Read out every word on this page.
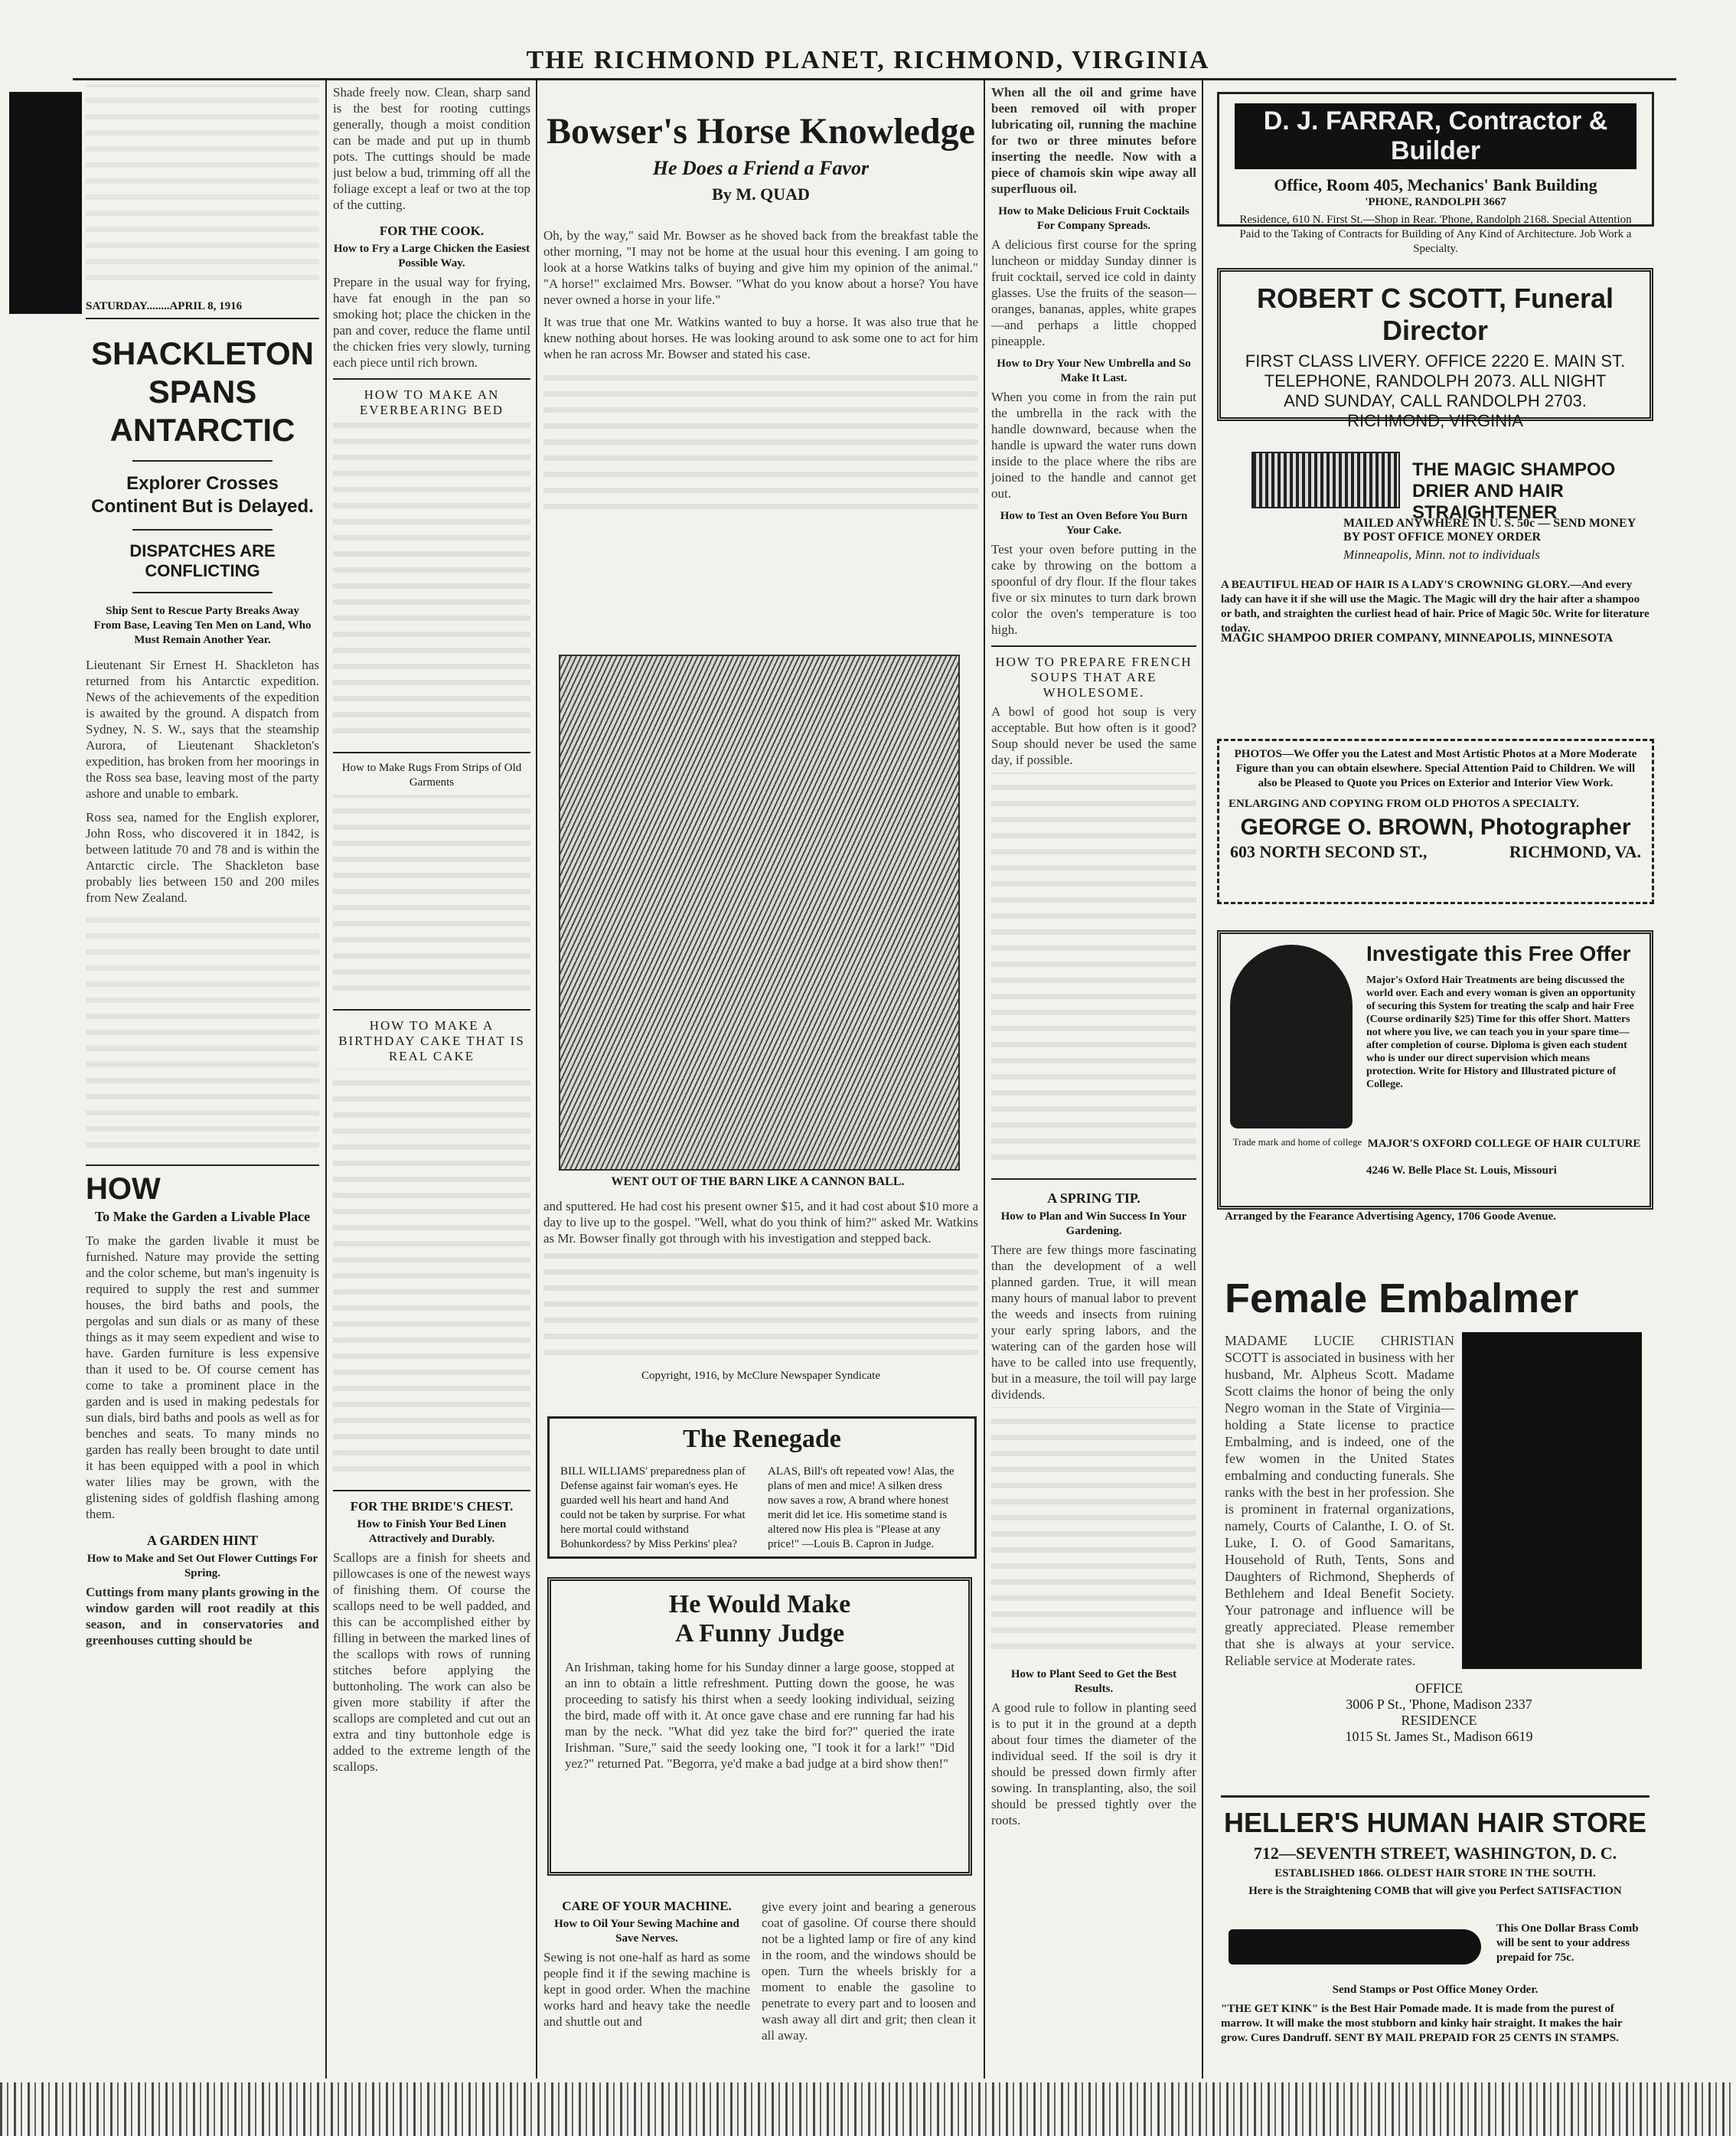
THE RICHMOND PLANET, RICHMOND, VIRGINIA
SATURDAY........APRIL 8, 1916
SHACKLETON SPANS ANTARCTIC
Explorer Crosses Continent But is Delayed.
DISPATCHES ARE CONFLICTING
Ship Sent to Rescue Party Breaks Away From Base, Leaving Ten Men on Land, Who Must Remain Another Year.
Lieutenant Sir Ernest H. Shackleton has returned from his Antarctic expedition. News of the achievements of the expedition is awaited by the ground. A dispatch from Sydney, N. S. W., says that the steamship Aurora, of Lieutenant Shackleton's expedition, has broken from her moorings in the Ross sea base, leaving most of the party ashore and unable to embark.
Ross sea, named for the English explorer, John Ross, who discovered it in 1842, is between latitude 70 and 78 and is within the Antarctic circle. The Shackleton base probably lies between 150 and 200 miles from New Zealand.
HOW
To Make the Garden a Livable Place
To make the garden livable it must be furnished. Nature may provide the setting and the color scheme, but man's ingenuity is required to supply the rest and summer houses, the bird baths and pools, the pergolas and sun dials or as many of these things as it may seem expedient and wise to have. Garden furniture is less expensive than it used to be. Of course cement has come to take a prominent place in the garden and is used in making pedestals for sun dials, bird baths and pools as well as for benches and seats. To many minds no garden has really been brought to date until it has been equipped with a pool in which water lilies may be grown, with the glistening sides of goldfish flashing among them.
A GARDEN HINT
How to Make and Set Out Flower Cuttings For Spring.
Cuttings from many plants growing in the window garden will root readily at this season, and in conservatories and greenhouses cutting should be
Shade freely now. Clean, sharp sand is the best for rooting cuttings generally, though a moist condition can be made and put up in thumb pots. The cuttings should be made just below a bud, trimming off all the foliage except a leaf or two at the top of the cutting.
FOR THE COOK.
How to Fry a Large Chicken the Easiest Possible Way.
Prepare in the usual way for frying, have fat enough in the pan so smoking hot; place the chicken in the pan and cover, reduce the flame until the chicken fries very slowly, turning each piece until rich brown.
HOW TO MAKE AN EVERBEARING BED
How to Make Rugs From Strips of Old Garments
HOW TO MAKE A BIRTHDAY CAKE THAT IS REAL CAKE
FOR THE BRIDE'S CHEST.
How to Finish Your Bed Linen Attractively and Durably.
Scallops are a finish for sheets and pillowcases is one of the newest ways of finishing them. Of course the scallops need to be well padded, and this can be accomplished either by filling in between the marked lines of the scallops with rows of running stitches before applying the buttonholing. The work can also be given more stability if after the scallops are completed and cut out an extra and tiny buttonhole edge is added to the extreme length of the scallops.
Bowser's Horse Knowledge
He Does a Friend a Favor
By M. QUAD
Oh, by the way," said Mr. Bowser as he shoved back from the breakfast table the other morning, "I may not be home at the usual hour this evening. I am going to look at a horse Watkins talks of buying and give him my opinion of the animal." "A horse!" exclaimed Mrs. Bowser. "What do you know about a horse? You have never owned a horse in your life."
It was true that one Mr. Watkins wanted to buy a horse. It was also true that he knew nothing about horses. He was looking around to ask some one to act for him when he ran across Mr. Bowser and stated his case.
WENT OUT OF THE BARN LIKE A CANNON BALL.
and sputtered. He had cost his present owner $15, and it had cost about $10 more a day to live up to the gospel. "Well, what do you think of him?" asked Mr. Watkins as Mr. Bowser finally got through with his investigation and stepped back.
Copyright, 1916, by McClure Newspaper Syndicate
The Renegade
BILL WILLIAMS' preparedness plan of Defense against fair woman's eyes. He guarded well his heart and hand And could not be taken by surprise. For what here mortal could withstand Bohunkordess? by Miss Perkins' plea?
ALAS, Bill's oft repeated vow! Alas, the plans of men and mice! A silken dress now saves a row, A brand where honest merit did let ice. His sometime stand is altered now His plea is "Please at any price!" —Louis B. Capron in Judge.
He Would Make
A Funny Judge
An Irishman, taking home for his Sunday dinner a large goose, stopped at an inn to obtain a little refreshment. Putting down the goose, he was proceeding to satisfy his thirst when a seedy looking individual, seizing the bird, made off with it. At once gave chase and ere running far had his man by the neck. "What did yez take the bird for?" queried the irate Irishman. "Sure," said the seedy looking one, "I took it for a lark!" "Did yez?" returned Pat. "Begorra, ye'd make a bad judge at a bird show then!"
CARE OF YOUR MACHINE.
How to Oil Your Sewing Machine and Save Nerves.
Sewing is not one-half as hard as some people find it if the sewing machine is kept in good order. When the machine works hard and heavy take the needle and shuttle out and
give every joint and bearing a generous coat of gasoline. Of course there should not be a lighted lamp or fire of any kind in the room, and the windows should be open. Turn the wheels briskly for a moment to enable the gasoline to penetrate to every part and to loosen and wash away all dirt and grit; then clean it all away.
When all the oil and grime have been removed oil with proper lubricating oil, running the machine for two or three minutes before inserting the needle. Now with a piece of chamois skin wipe away all superfluous oil.
How to Make Delicious Fruit Cocktails For Company Spreads.
A delicious first course for the spring luncheon or midday Sunday dinner is fruit cocktail, served ice cold in dainty glasses. Use the fruits of the season—oranges, bananas, apples, white grapes—and perhaps a little chopped pineapple.
How to Dry Your New Umbrella and So Make It Last.
When you come in from the rain put the umbrella in the rack with the handle downward, because when the handle is upward the water runs down inside to the place where the ribs are joined to the handle and cannot get out.
How to Test an Oven Before You Burn Your Cake.
Test your oven before putting in the cake by throwing on the bottom a spoonful of dry flour. If the flour takes five or six minutes to turn dark brown color the oven's temperature is too high.
HOW TO PREPARE FRENCH SOUPS THAT ARE WHOLESOME.
A bowl of good hot soup is very acceptable. But how often is it good? Soup should never be used the same day, if possible.
A SPRING TIP.
How to Plan and Win Success In Your Gardening.
There are few things more fascinating than the development of a well planned garden. True, it will mean many hours of manual labor to prevent the weeds and insects from ruining your early spring labors, and the watering can of the garden hose will have to be called into use frequently, but in a measure, the toil will pay large dividends.
How to Plant Seed to Get the Best Results.
A good rule to follow in planting seed is to put it in the ground at a depth about four times the diameter of the individual seed. If the soil is dry it should be pressed down firmly after sowing. In transplanting, also, the soil should be pressed tightly over the roots.
D. J. FARRAR, Contractor & Builder
Office, Room 405, Mechanics' Bank Building
'PHONE, RANDOLPH 3667
Residence, 610 N. First St.—Shop in Rear. 'Phone, Randolph 2168. Special Attention Paid to the Taking of Contracts for Building of Any Kind of Architecture. Job Work a Specialty.
ROBERT C SCOTT, Funeral Director
FIRST CLASS LIVERY. OFFICE 2220 E. MAIN ST.
TELEPHONE, RANDOLPH 2073. ALL NIGHT
AND SUNDAY, CALL RANDOLPH 2703.
RICHMOND, VIRGINIA
THE MAGIC SHAMPOO DRIER AND HAIR STRAIGHTENER
MAILED ANYWHERE IN U. S. 50c — SEND MONEY BY POST OFFICE MONEY ORDER
Minneapolis, Minn. not to individuals
A BEAUTIFUL HEAD OF HAIR IS A LADY'S CROWNING GLORY.—And every lady can have it if she will use the Magic. The Magic will dry the hair after a shampoo or bath, and straighten the curliest head of hair. Price of Magic 50c. Write for literature today.
MAGIC SHAMPOO DRIER COMPANY, MINNEAPOLIS, MINNESOTA
PHOTOS—We Offer you the Latest and Most Artistic Photos at a More Moderate Figure than you can obtain elsewhere. Special Attention Paid to Children. We will also be Pleased to Quote you Prices on Exterior and Interior View Work.
ENLARGING AND COPYING FROM OLD PHOTOS A SPECIALTY.
GEORGE O. BROWN, Photographer
603 NORTH SECOND ST.,	RICHMOND, VA.
Trade mark and home of college
Investigate this Free Offer
Major's Oxford Hair Treatments are being discussed the world over. Each and every woman is given an opportunity of securing this System for treating the scalp and hair Free (Course ordinarily $25) Time for this offer Short. Matters not where you live, we can teach you in your spare time—after completion of course. Diploma is given each student who is under our direct supervision which means protection. Write for History and Illustrated picture of College.
MAJOR'S OXFORD COLLEGE OF HAIR CULTURE
4246 W. Belle Place St. Louis, Missouri
Arranged by the Fearance Advertising Agency, 1706 Goode Avenue.
Female Embalmer
MADAME LUCIE CHRISTIAN SCOTT is associated in business with her husband, Mr. Alpheus Scott. Madame Scott claims the honor of being the only Negro woman in the State of Virginia—holding a State license to practice Embalming, and is indeed, one of the few women in the United States embalming and conducting funerals. She ranks with the best in her profession. She is prominent in fraternal organizations, namely, Courts of Calanthe, I. O. of St. Luke, I. O. of Good Samaritans, Household of Ruth, Tents, Sons and Daughters of Richmond, Shepherds of Bethlehem and Ideal Benefit Society. Your patronage and influence will be greatly appreciated. Please remember that she is always at your service. Reliable service at Moderate rates.
OFFICE
3006 P St., 'Phone, Madison 2337
RESIDENCE
1015 St. James St., Madison 6619
HELLER'S HUMAN HAIR STORE
712—SEVENTH STREET, WASHINGTON, D. C.
ESTABLISHED 1866. OLDEST HAIR STORE IN THE SOUTH.
Here is the Straightening COMB that will give you Perfect SATISFACTION
This One Dollar Brass Comb will be sent to your address prepaid for 75c.
Send Stamps or Post Office Money Order.
"THE GET KINK" is the Best Hair Pomade made. It is made from the purest of marrow. It will make the most stubborn and kinky hair straight. It makes the hair grow. Cures Dandruff. SENT BY MAIL PREPAID FOR 25 CENTS IN STAMPS.
